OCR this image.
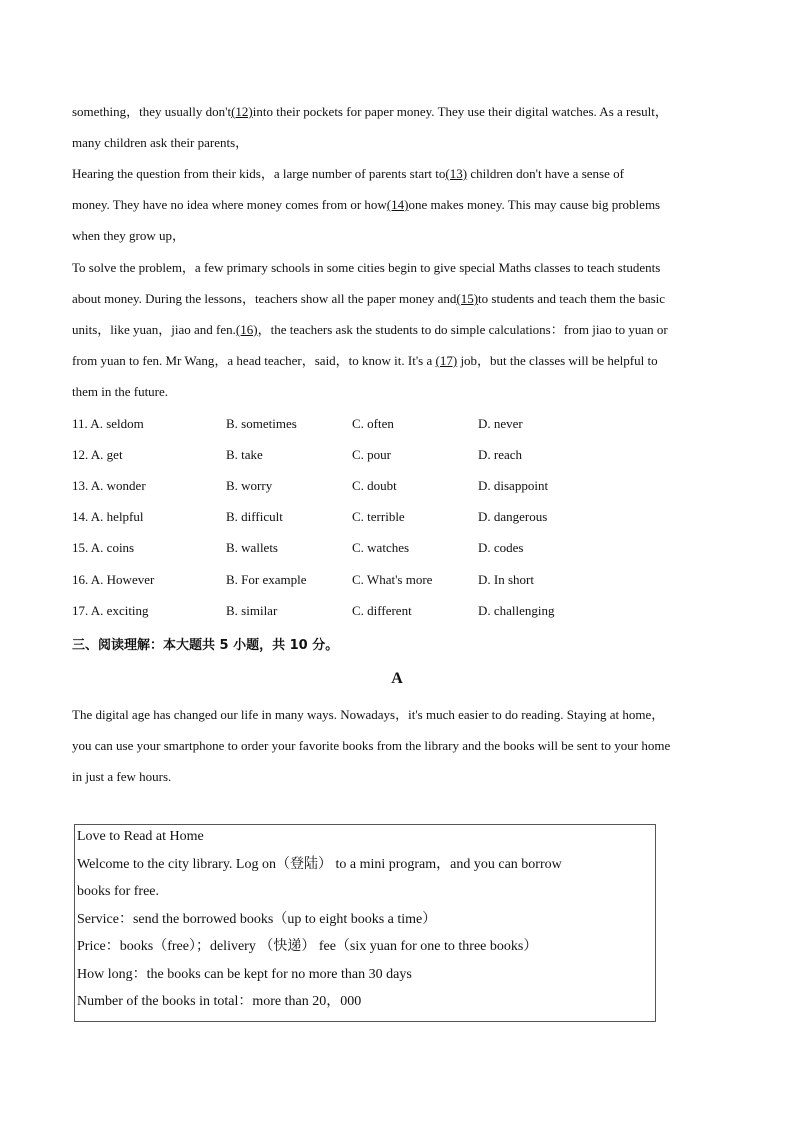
something，they usually don't(12)into their pockets for paper money. They use their digital watches. As a result，
many children ask their parents，
Hearing the question from their kids，a large number of parents start to(13) children don't have a sense of
money. They have no idea where money comes from or how(14)one makes money. This may cause big problems
when they grow up，
To solve the problem，a few primary schools in some cities begin to give special Maths classes to teach students
about money. During the lessons，teachers show all the paper money and(15)to students and teach them the basic
units，like yuan，jiao and fen.(16)，the teachers ask the students to do simple calculations：from jiao to yuan or
from yuan to fen. Mr Wang，a head teacher，said，to know it. It's a (17) job，but the classes will be helpful to
them in the future.
11. A. seldom	B. sometimes	C. often	D. never
12. A. get	B. take	C. pour	D. reach
13. A. wonder	B. worry	C. doubt	D. disappoint
14. A. helpful	B. difficult	C. terrible	D. dangerous
15. A. coins	B. wallets	C. watches	D. codes
16. A. However	B. For example	C. What's more	D. In short
17. A. exciting	B. similar	C. different	D. challenging
三、阅读理解：本大题共 5 小题，共 10 分。
A
The digital age has changed our life in many ways. Nowadays，it's much easier to do reading. Staying at home，
you can use your smartphone to order your favorite books from the library and the books will be sent to your home
in just a few hours.
Love to Read at Home
Welcome to the city library. Log on（登陆） to a mini program，and you can borrow
books for free.
Service：send the borrowed books（up to eight books a time）
Price：books（free）；delivery （快递） fee（six yuan for one to three books）
How long：the books can be kept for no more than 30 days
Number of the books in total：more than 20，000
